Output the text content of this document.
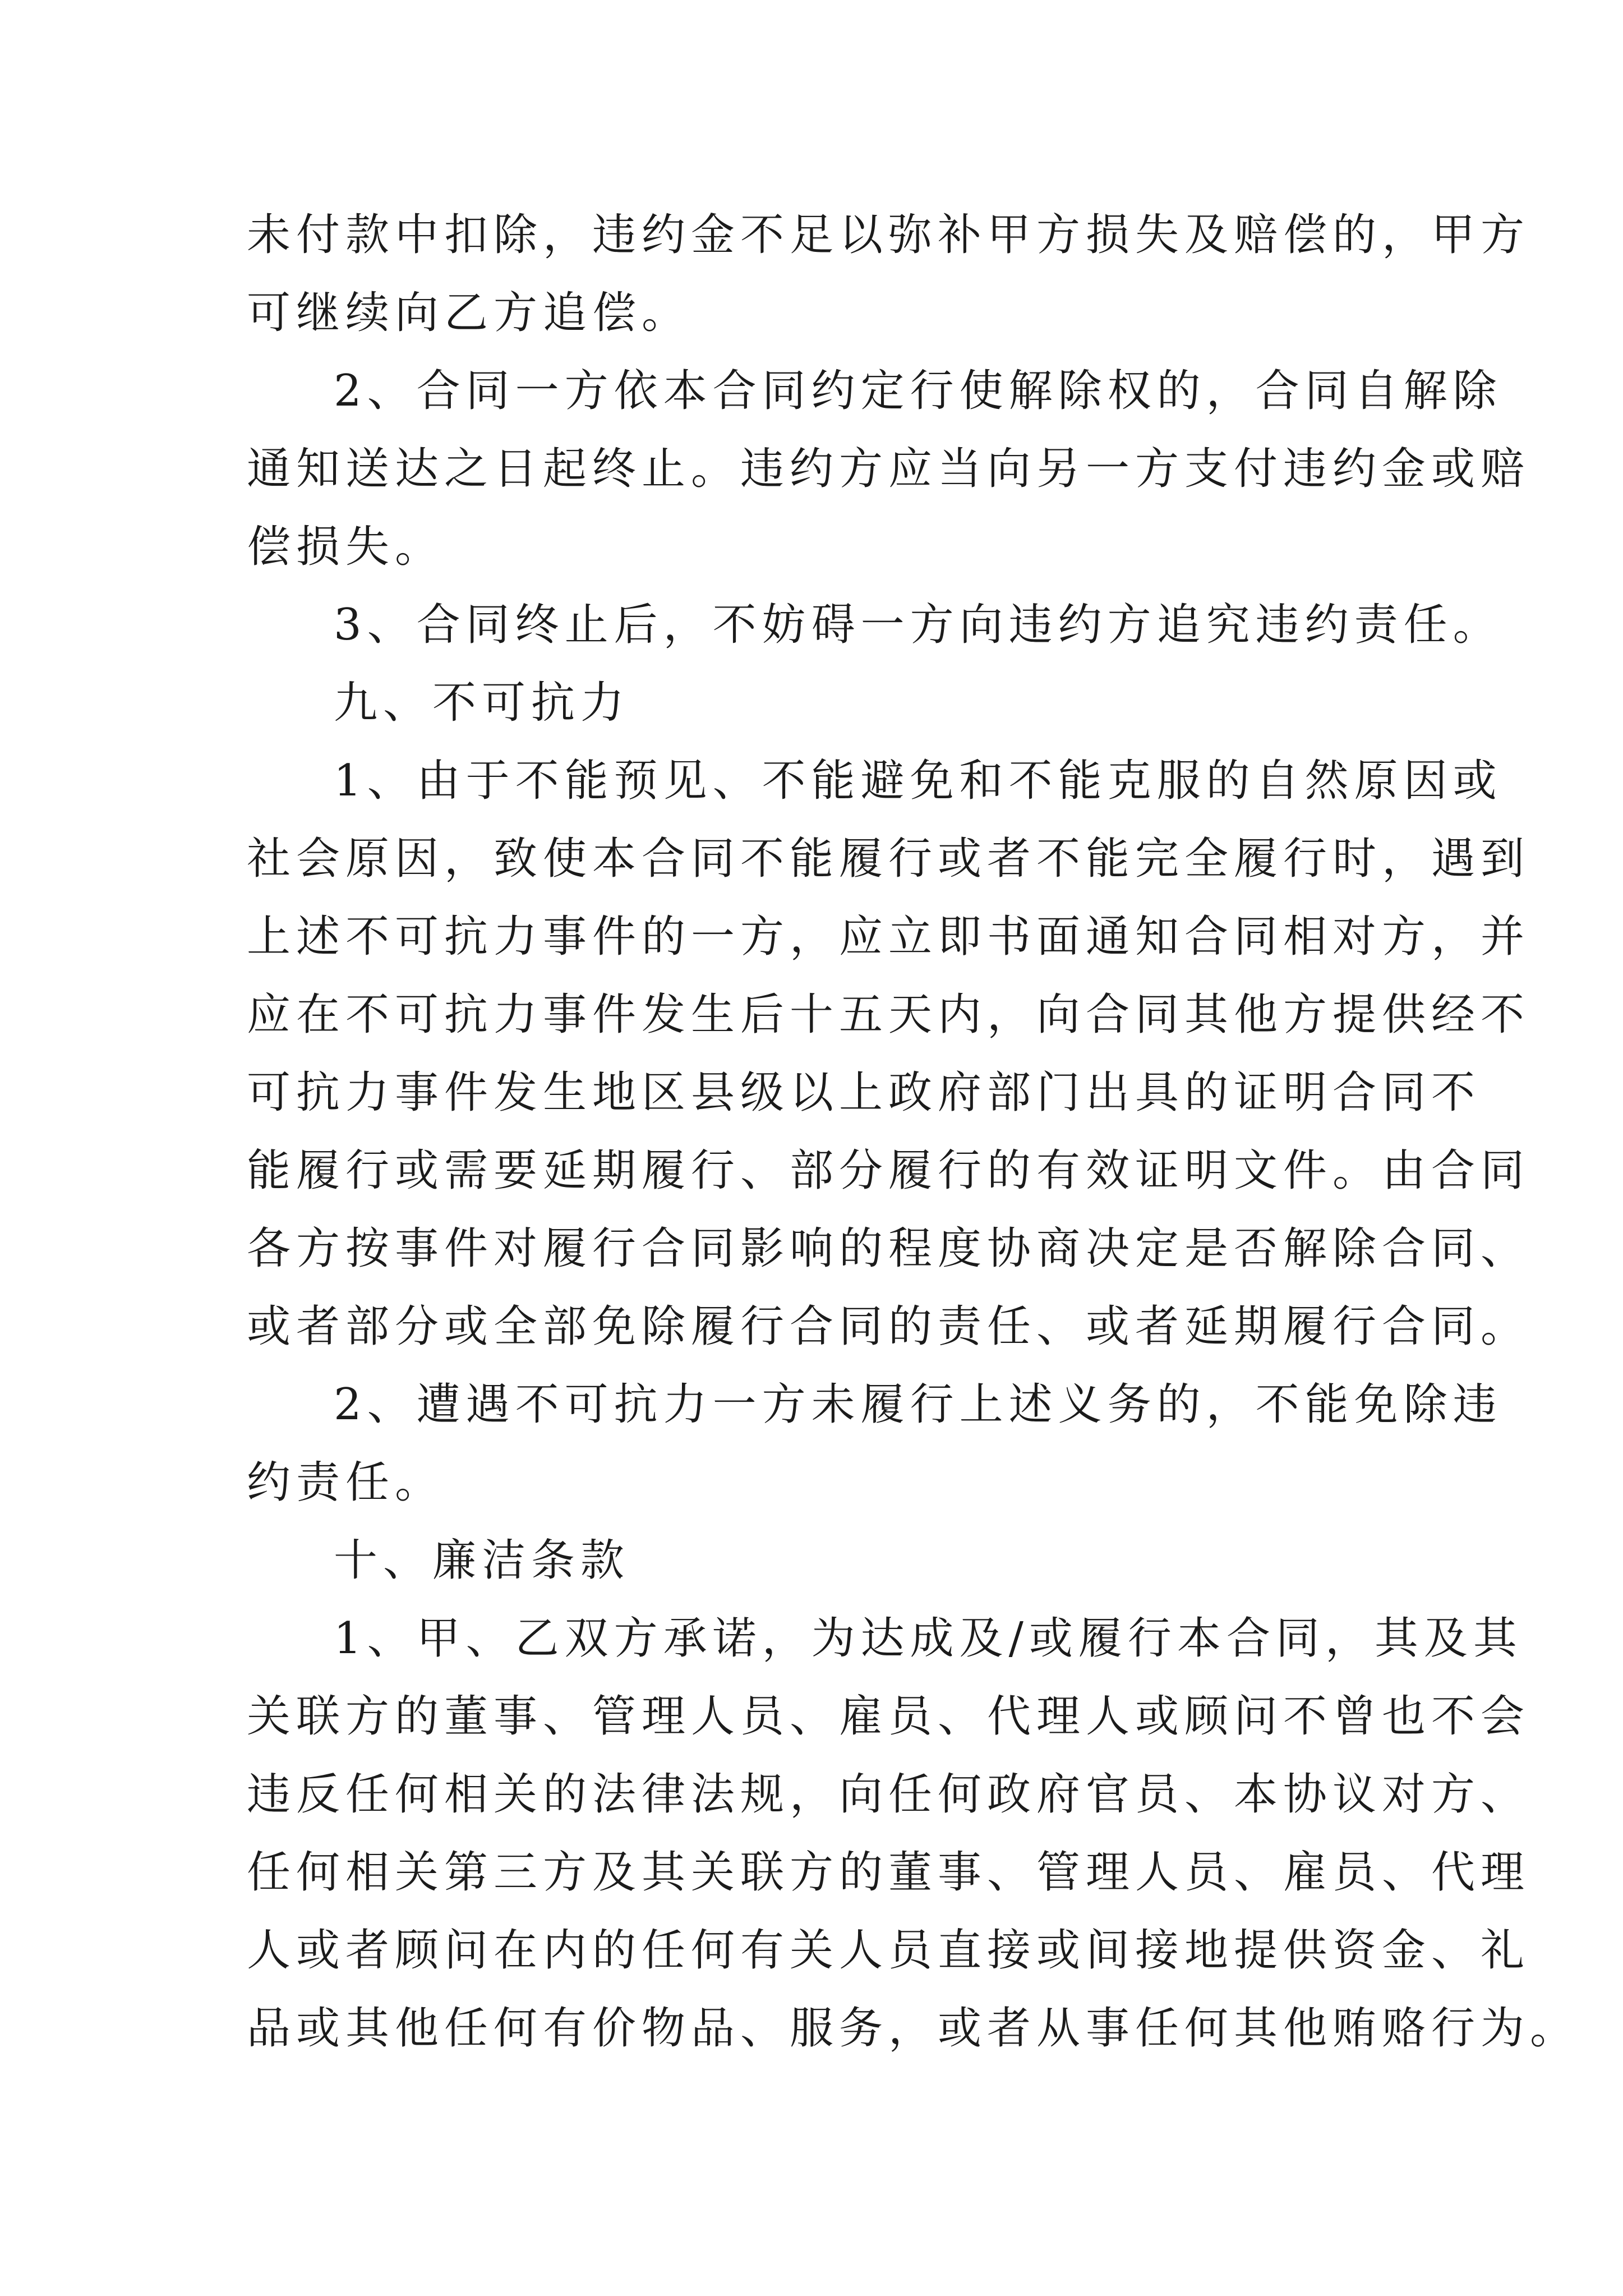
未付款中扣除，违约金不足以弥补甲方损失及赔偿的，甲方
可继续向乙方追偿。
2、合同一方依本合同约定行使解除权的，合同自解除
通知送达之日起终止。违约方应当向另一方支付违约金或赔
偿损失。
3、合同终止后，不妨碍一方向违约方追究违约责任。
九、不可抗力
1、由于不能预见、不能避免和不能克服的自然原因或
社会原因，致使本合同不能履行或者不能完全履行时，遇到
上述不可抗力事件的一方，应立即书面通知合同相对方，并
应在不可抗力事件发生后十五天内，向合同其他方提供经不
可抗力事件发生地区县级以上政府部门出具的证明合同不
能履行或需要延期履行、部分履行的有效证明文件。由合同
各方按事件对履行合同影响的程度协商决定是否解除合同、
或者部分或全部免除履行合同的责任、或者延期履行合同。
2、遭遇不可抗力一方未履行上述义务的，不能免除违
约责任。
十、廉洁条款
1、甲、乙双方承诺，为达成及/或履行本合同，其及其
关联方的董事、管理人员、雇员、代理人或顾问不曾也不会
违反任何相关的法律法规，向任何政府官员、本协议对方、
任何相关第三方及其关联方的董事、管理人员、雇员、代理
人或者顾问在内的任何有关人员直接或间接地提供资金、礼
品或其他任何有价物品、服务，或者从事任何其他贿赂行为。
